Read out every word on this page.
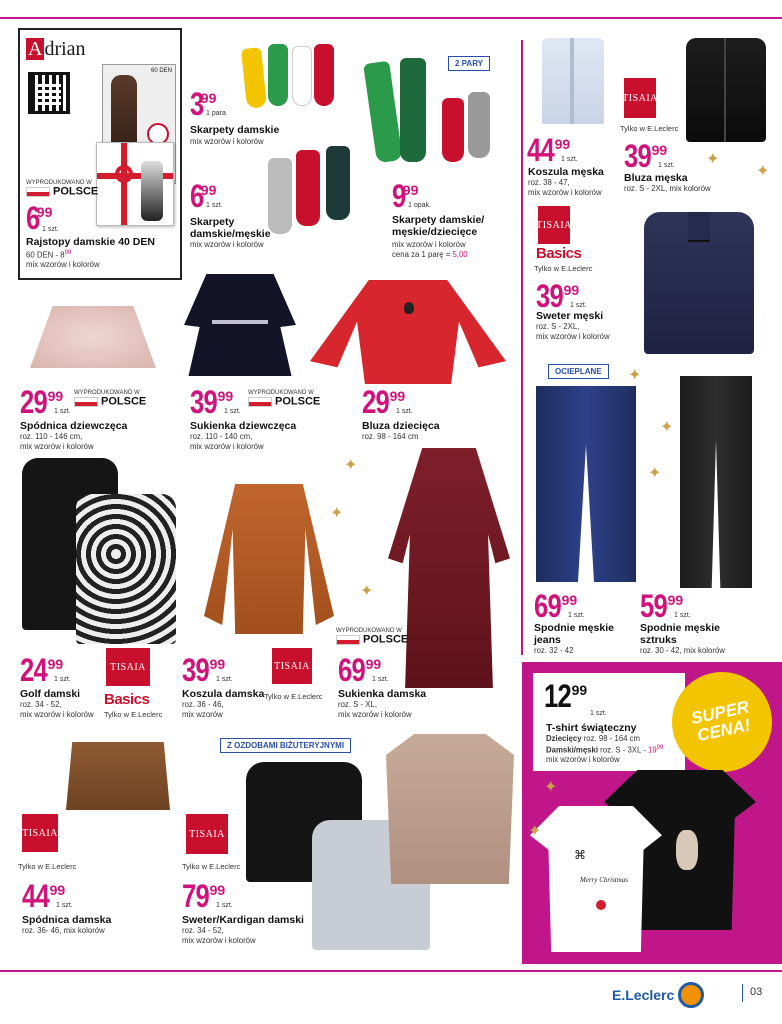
A drian
60 DEN
WYPRODUKOWANO W
POLSCE
699
1 szt.
Rajstopy damskie 40 DEN
60 DEN - $8^{99}$
mix wzorów i kolorów
399
1 para
Skarpety damskie
mix wzorów i kolorów
699
1 szt.
Skarpety damskie/męskie
mix wzorów i kolorów
2 PARY
999
1 opak.
Skarpety damskie/ męskie/dziecięce
mix wzorów i kolorów
cena za 1 parę = 5,00
4499
1 szt.
Koszula męska
roz. 38 - 47,
mix wzorów i kolorów
TISAIA
Tylko w E.Leclerc
3999
1 szt.
Bluza męska
roz. S - 2XL, mix kolorów
✦
✦
TISAIA
Basics
Tylko w E.Leclerc
3999
1 szt.
Sweter męski
roz. S - 2XL,
mix wzorów i kolorów
2999
1 szt.
WYPRODUKOWANO W
POLSCE
Spódnica dziewczęca
roz. 110 - 146 cm,
mix wzorów i kolorów
3999
1 szt.
WYPRODUKOWANO W
POLSCE
Sukienka dziewczęca
roz. 110 - 140 cm,
mix wzorów i kolorów
2999
1 szt.
Bluza dziecięca
roz. 98 - 164 cm
OCIEPLANE	✦
✦
✦
6999
1 szt.
Spodnie męskie jeans
roz. 32 - 42
5999
1 szt.
Spodnie męskie sztruks
roz. 30 - 42, mix kolorów
✦
✦
✦
2499
1 szt.
TISAIA
Basics
Tylko w E.Leclerc
Golf damski
roz. 34 - 52,
mix wzorów i kolorów
3999
1 szt.
TISAIA
Tylko w E.Leclerc
Koszula damska
roz. 36 - 46,
mix wzorów
WYPRODUKOWANO W
POLSCE
6999
1 szt.
Sukienka damska
roz. S - XL,
mix wzorów i kolorów
TISAIA
Tylko w E.Leclerc
4499
1 szt.
Spódnica damska
roz. 36- 46, mix kolorów
Z OZDOBAMI BIŻUTERYJNYMI
TISAIA
Tylko w E.Leclerc
7999
1 szt.
Sweter/Kardigan damski
roz. 34 - 52,
mix wzorów i kolorów
1299
1 szt.
T-shirt świąteczny
Dziecięcy roz. 98 - 164 cm
Damski/męski roz. S - $3XL - 19^{99}$
mix wzorów i kolorów
SUPER CENA!
⌘
Merry Christmas
✦
✦
E.Leclerc	03
